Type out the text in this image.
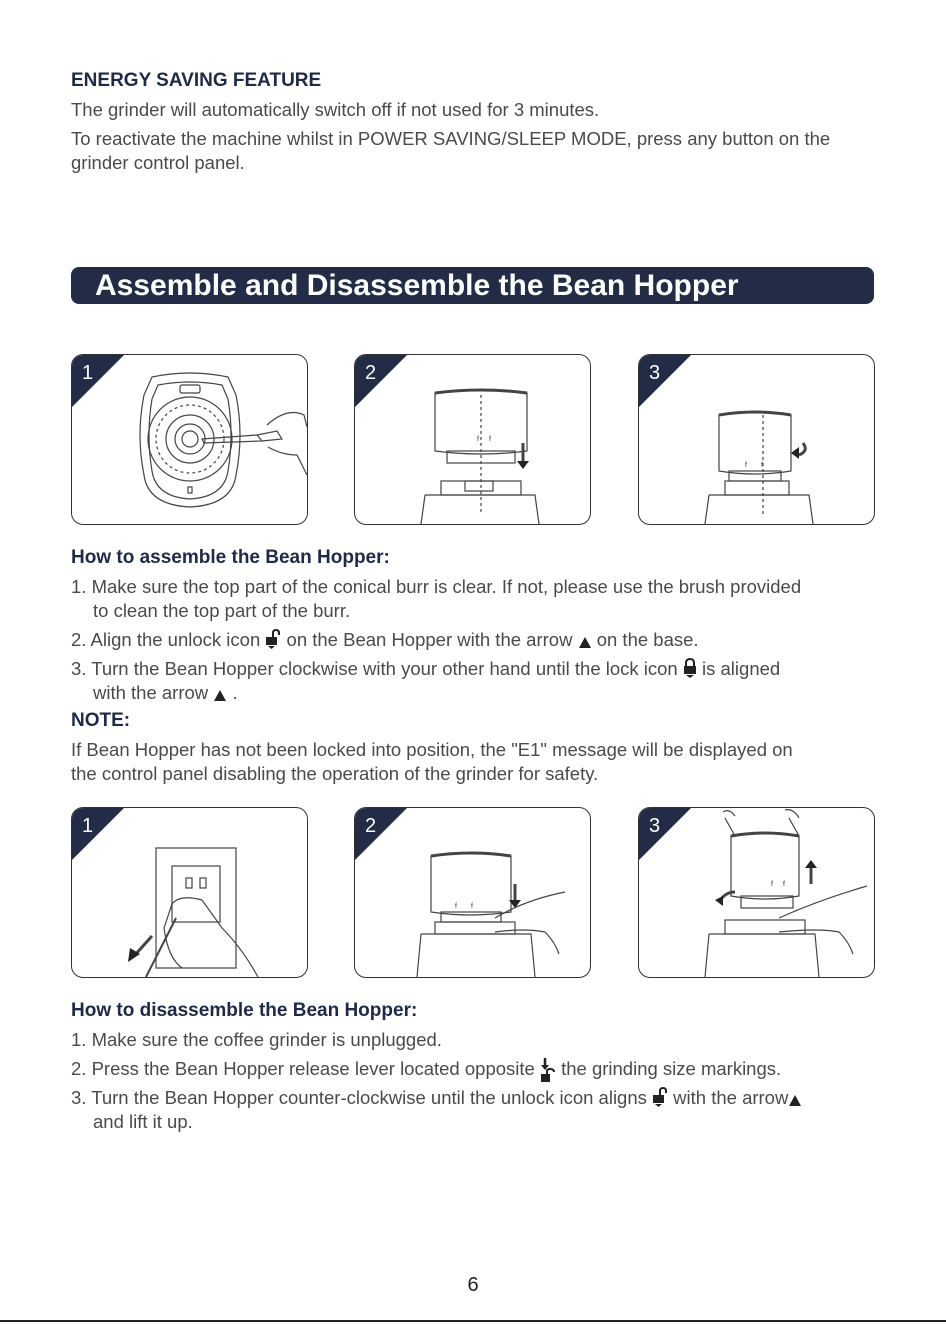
ENERGY SAVING FEATURE
The grinder will automatically switch off if not used for 3 minutes.
To reactivate the machine whilst in POWER SAVING/SLEEP MODE, press any button on the
grinder control panel.
Assemble and Disassemble the Bean Hopper
1	2
f f
3
f f
How to assemble the Bean Hopper:
1. Make sure the top part of the conical burr is clear. If not, please use the brush provided
to clean the top part of the burr.
2. Align the unlock icon on the Bean Hopper with the arrow on the base.
3. Turn the Bean Hopper clockwise with your other hand until the lock icon is aligned
with the arrow .
NOTE:
If Bean Hopper has not been locked into position, the "E1" message will be displayed on
the control panel disabling the operation of the grinder for safety.
1	2
f f
3
f f
How to disassemble the Bean Hopper:
1. Make sure the coffee grinder is unplugged.
2. Press the Bean Hopper release lever located opposite the grinding size markings.
3. Turn the Bean Hopper counter-clockwise until the unlock icon aligns with the arrow
and lift it up.
6
